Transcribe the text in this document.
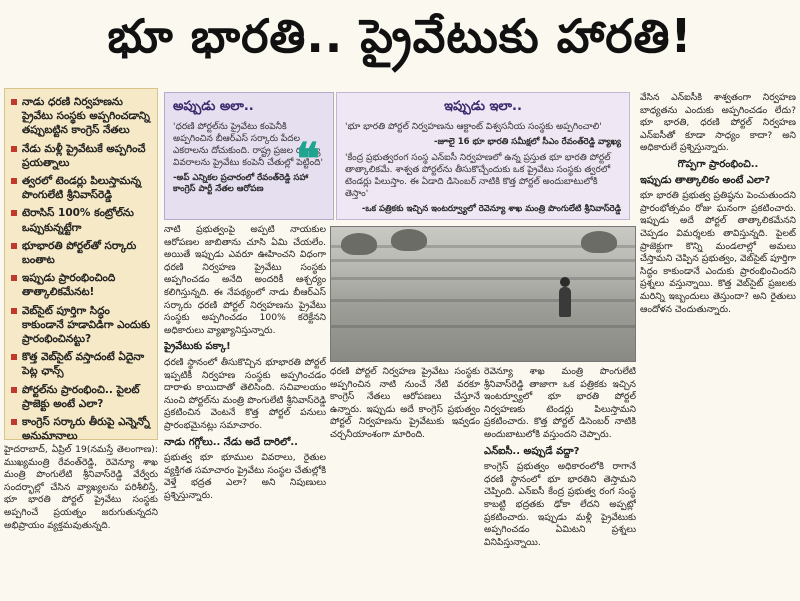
భూ భారతి.. ప్రైవేటుకు హారతి!
నాడు ధరణి నిర్వహణను ప్రైవేటు సంస్థకు అప్పగించడాన్ని తప్పుబట్టిన కాంగ్రెస్ నేతలు
నేడు మళ్లీ ప్రైవేటుకే అప్పగించే ప్రయత్నాలు
త్వరలో టెండర్లు పిలుస్తామన్న పొంగులేటి శ్రీనివాస్‌రెడ్డి
టెరాసిస్ 100% కంట్రోల్‌ను ఒప్పుకున్నట్టేగా
భూభారతి పోర్టల్‌తో సర్కారు బంతాట
ఇప్పుడు ప్రారంభించింది తాత్కాలికమేనట!
వెబ్‌సైట్ పూర్తిగా సిద్ధం కాకుండానే హడావిడిగా ఎందుకు ప్రారంభించినట్టు?
కొత్త వెబ్‌సైట్ వస్తాదంటే ఏదైనా పెట్ల ఛాన్స్
పోర్టల్‌ను ప్రారంభించి.. పైలట్ ప్రాజెక్టు అంటే ఎలా?
కాంగ్రెస్ సర్కారు తీరుపై ఎన్నెన్నో అనుమానాలు
అప్పుడు అలా..
'ధరణి పోర్టల్‌ను ప్రైవేటు కంపెనీకి అప్పగించిన బీఆర్‌ఎస్ సర్కారు పేదల ఎకరాలను దోచుకుంది. రాష్ట్ర ప్రజల రహస్య వివరాలను ప్రైవేటు కంపెనీ చేతుల్లో పెట్టింది'
-అప్ ఎన్నికల ప్రచారంలో రేవంత్‌రెడ్డి సహా కాంగ్రెస్ పార్టీ నేతల ఆరోపణ
❝
ఇప్పుడు ఇలా..
'భూ భారతి పోర్టల్ నిర్వహణను ఆక్టాంట్ విశ్వసనీయ సంస్థకు అప్పగించాలి'
-జూలై 16 భూ భారతి సమీక్షలో సీఎం రేవంత్‌రెడ్డి వ్యాఖ్య
'కేంద్ర ప్రభుత్వరంగ సంస్థ ఎన్‌ఐసీ నిర్వహణలో ఉన్న ప్రస్తుత భూ భారతి పోర్టల్ తాత్కాలికమే. శాశ్వత పోర్టల్‌ను తీసుకొచ్చేందుకు ఒక ప్రైవేటు సంస్థకు త్వరలో టెండర్లు పిలుస్తాం. ఈ ఏడాది డిసెంబర్ నాటికి కొత్త పోర్టల్ అందుబాటులోకి తెస్తాం'
-ఒక పత్రికకు ఇచ్చిన ఇంటర్వ్యూలో రెవెన్యూ శాఖ మంత్రి పొంగులేటి శ్రీనివాస్‌రెడ్డి

నాటి ప్రభుత్వంపై అప్పటి నాయకుల ఆరోపణల జాబితాను చూసి ఏమి చేయలేం. అయితే ఇప్పుడు ఎవరూ ఊహించని విధంగా ధరణి నిర్వహణ ప్రైవేటు సంస్థకు అప్పగించడం అనేది అందరికీ ఆశ్చర్యం కలిగిస్తున్నది. ఈ నేపథ్యంలో నాడు బీఆర్‌ఎస్ సర్కారు ధరణి పోర్టల్ నిర్వహణను ప్రైవేటు సంస్థకు అప్పగించడం 100% కరెక్టేనని అధికారులు వ్యాఖ్యానిస్తున్నారు.

ప్రైవేటుకు పక్కా!

ధరణి స్థానంలో తీసుకొచ్చిన భూభారతి పోర్టల్ ఇప్పటికీ నిర్వహణ సంస్థకు అప్పగించడం దారాళు కాయిదాతో తెలిసింది. సచివాలయం నుంచి పోర్టల్‌ను మంత్రి పొంగులేటి శ్రీనివాస్‌రెడ్డి ప్రకటించిన వెంటనే కొత్త పోర్టల్ పనులు ప్రారంభమైనట్లు సమాచారం.

నాడు గగ్గోలు.. నేడు అదే దారిలో..

ప్రభుత్వ భూ భూముల వివరాలు, రైతుల వ్యక్తిగత సమాచారం ప్రైవేటు సంస్థల చేతుల్లోకి వెళ్తే భద్రత ఎలా? అని నిపుణులు ప్రశ్నిస్తున్నారు.

హైదరాబాద్, ఏప్రిల్ 19(నమస్తే తెలంగాణ): ముఖ్యమంత్రి రేవంత్‌రెడ్డి, రెవెన్యూ శాఖ మంత్రి పొంగులేటి శ్రీనివాస్‌రెడ్డి వేర్వేరు సందర్భాల్లో చేసిన వ్యాఖ్యలను పరిశీలిస్తే, భూ భారతి పోర్టల్ ప్రైవేటు సంస్థకు అప్పగించే ప్రయత్నం జరుగుతున్నదని అభిప్రాయం వ్యక్తమవుతున్నది.

ధరణి పోర్టల్ నిర్వహణ ప్రైవేటు సంస్థకు అప్పగించిన నాటి నుంచే నేటి వరకూ కాంగ్రెస్ నేతలు ఆరోపణలు చేస్తూనే ఉన్నారు. ఇప్పుడు అదే కాంగ్రెస్ ప్రభుత్వం పోర్టల్ నిర్వహణను ప్రైవేటుకు ఇవ్వడం చర్చనీయాంశంగా మారింది.

రెవెన్యూ శాఖ మంత్రి పొంగులేటి శ్రీనివాస్‌రెడ్డి తాజాగా ఒక పత్రికకు ఇచ్చిన ఇంటర్వ్యూలో భూ భారతి పోర్టల్ నిర్వహణకు టెండర్లు పిలుస్తామని ప్రకటించారు. కొత్త పోర్టల్ డిసెంబర్ నాటికి అందుబాటులోకి వస్తుందని చెప్పారు.

ఎన్‌ఐసీ.. అప్పుడే వద్దా?

కాంగ్రెస్ ప్రభుత్వం అధికారంలోకి రాగానే ధరణి స్థానంలో భూ భారతిని తెస్తామని చెప్పింది. ఎన్‌ఐసీ కేంద్ర ప్రభుత్వ రంగ సంస్థ కాబట్టి భద్రతకు ఢోకా లేదని అప్పట్లో ప్రకటించారు. ఇప్పుడు మళ్లీ ప్రైవేటుకు అప్పగించడం ఏమిటని ప్రశ్నలు వినిపిస్తున్నాయి.

వేసిన ఎన్‌ఐసీకి శాశ్వతంగా నిర్వహణ బాధ్యతను ఎందుకు అప్పగించడం లేదు? భూ భారతి, ధరణి పోర్టల్ నిర్వహణ ఎన్‌ఐసీతో కూడా సాధ్యం కాదా? అని అధికారులే ప్రశ్నిస్తున్నారు.

గొప్పగా ప్రారంభించి..
ఇప్పుడు తాత్కాలికం అంటే ఎలా?

భూ భారతి ప్రభుత్వ ప్రతిష్ఠను పెంచుతుందని ప్రారంభోత్సవం రోజు ఘనంగా ప్రకటించారు. ఇప్పుడు అదే పోర్టల్ తాత్కాలికమేనని చెప్పడం విమర్శలకు తావిస్తున్నది. పైలట్ ప్రాజెక్టుగా కొన్ని మండలాల్లో అమలు చేస్తామని చెప్పిన ప్రభుత్వం, వెబ్‌సైట్ పూర్తిగా సిద్ధం కాకుండానే ఎందుకు ప్రారంభించిందని ప్రశ్నలు వస్తున్నాయి. కొత్త వెబ్‌సైట్ ప్రజలకు మరిన్ని ఇబ్బందులు తెస్తుందా? అని రైతులు ఆందోళన చెందుతున్నారు.
